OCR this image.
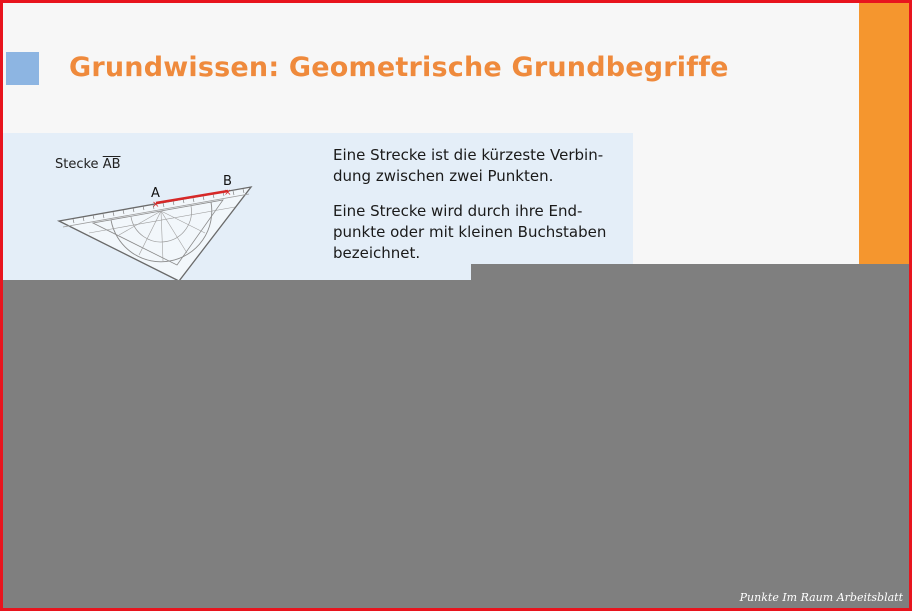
Grundwissen: Geometrische Grundbegriffe
Stecke $\overline{AB}$
×
×
A
B

Eine Strecke ist die kürzeste Verbin-dung zwischen zwei Punkten.

Eine Strecke wird durch ihre End-punkte oder mit kleinen Buchstaben bezeichnet.

Punkte Im Raum Arbeitsblatt
